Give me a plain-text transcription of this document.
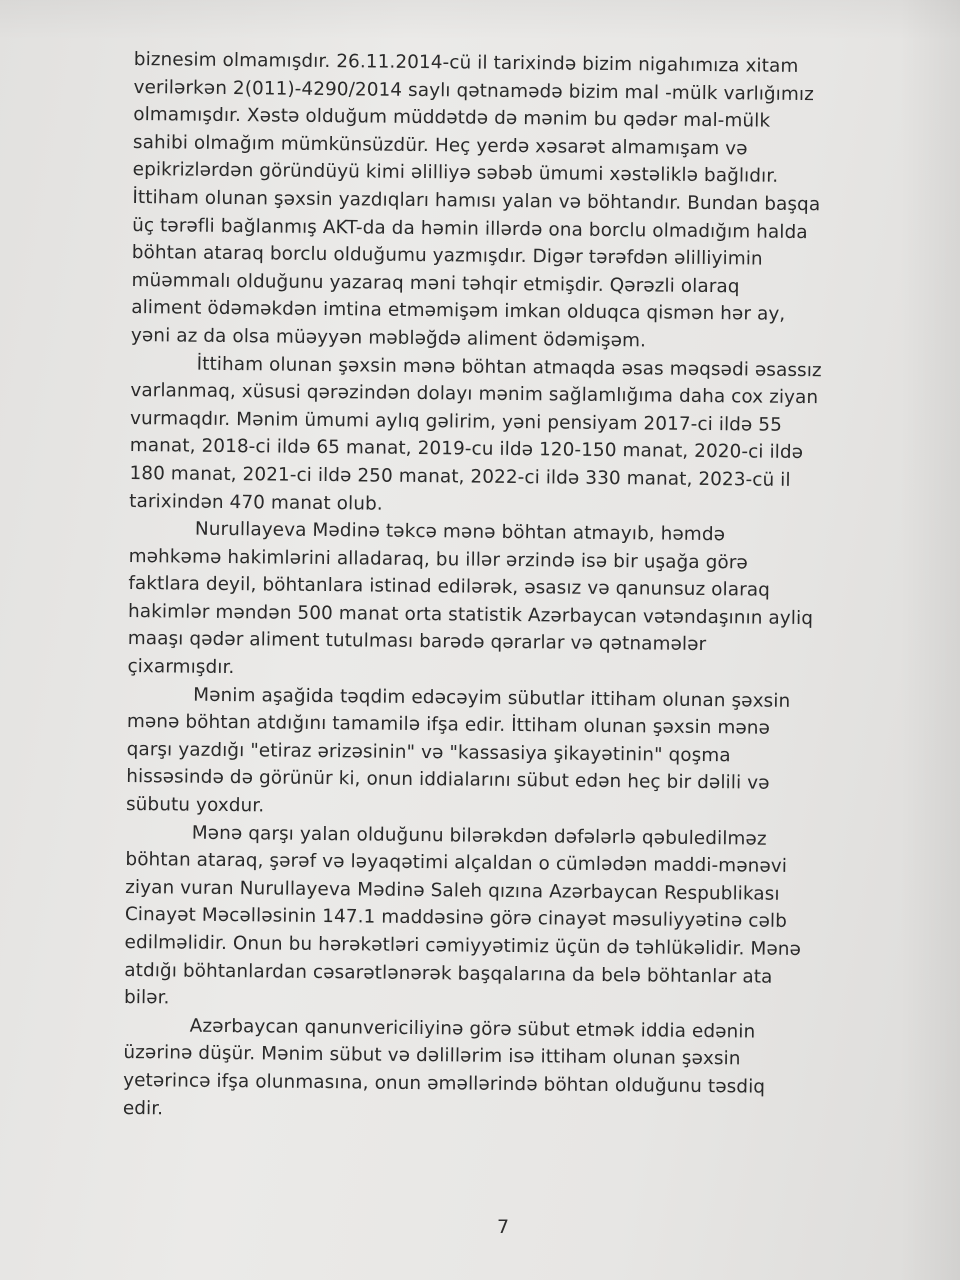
biznesim olmamışdır. 26.11.2014-cü il tarixində bizim nigahımıza xitam
verilərkən 2(011)-4290/2014 saylı qətnamədə bizim mal -mülk varlığımız
olmamışdır. Xəstə olduğum müddətdə də mənim bu qədər mal-mülk
sahibi olmağım mümkünsüzdür. Heç yerdə xəsarət almamışam və
epikrizlərdən göründüyü kimi əlilliyə səbəb ümumi xəstəliklə bağlıdır.
İttiham olunan şəxsin yazdıqları hamısı yalan və böhtandır. Bundan başqa
üç tərəfli bağlanmış AKT-da da həmin illərdə ona borclu olmadığım halda
böhtan ataraq borclu olduğumu yazmışdır. Digər tərəfdən əlilliyimin
müəmmalı olduğunu yazaraq məni təhqir etmişdir. Qərəzli olaraq
aliment ödəməkdən imtina etməmişəm imkan olduqca qismən hər ay,
yəni az da olsa müəyyən məbləğdə aliment ödəmişəm.
İttiham olunan şəxsin mənə böhtan atmaqda əsas məqsədi əsassız
varlanmaq, xüsusi qərəzindən dolayı mənim sağlamlığıma daha cox ziyan
vurmaqdır. Mənim ümumi aylıq gəlirim, yəni pensiyam 2017-ci ildə 55
manat, 2018-ci ildə 65 manat, 2019-cu ildə 120-150 manat, 2020-ci ildə
180 manat, 2021-ci ildə 250 manat, 2022-ci ildə 330 manat, 2023-cü il
tarixindən 470 manat olub.
Nurullayeva Mədinə təkcə mənə böhtan atmayıb, həmdə
məhkəmə hakimlərini alladaraq, bu illər ərzində isə bir uşağa görə
faktlara deyil, böhtanlara istinad edilərək, əsasız və qanunsuz olaraq
hakimlər məndən 500 manat orta statistik Azərbaycan vətəndaşının ayliq
maaşı qədər aliment tutulması barədə qərarlar və qətnamələr
çixarmışdır.
Mənim aşağida təqdim edəcəyim sübutlar ittiham olunan şəxsin
mənə böhtan atdığını tamamilə ifşa edir. İttiham olunan şəxsin mənə
qarşı yazdığı "etiraz ərizəsinin" və "kassasiya şikayətinin" qoşma
hissəsində də görünür ki, onun iddialarını sübut edən heç bir dəlili və
sübutu yoxdur.
Mənə qarşı yalan olduğunu bilərəkdən dəfələrlə qəbuledilməz
böhtan ataraq, şərəf və ləyaqətimi alçaldan o cümlədən maddi-mənəvi
ziyan vuran Nurullayeva Mədinə Saleh qızına Azərbaycan Respublikası
Cinayət Məcəlləsinin 147.1 maddəsinə görə cinayət məsuliyyətinə cəlb
edilməlidir. Onun bu hərəkətləri cəmiyyətimiz üçün də təhlükəlidir. Mənə
atdığı böhtanlardan cəsarətlənərək başqalarına da belə böhtanlar ata
bilər.
Azərbaycan qanunvericiliyinə görə sübut etmək iddia edənin
üzərinə düşür. Mənim sübut və dəlillərim isə ittiham olunan şəxsin
yetərincə ifşa olunmasına, onun əməllərində böhtan olduğunu təsdiq
edir.
7
